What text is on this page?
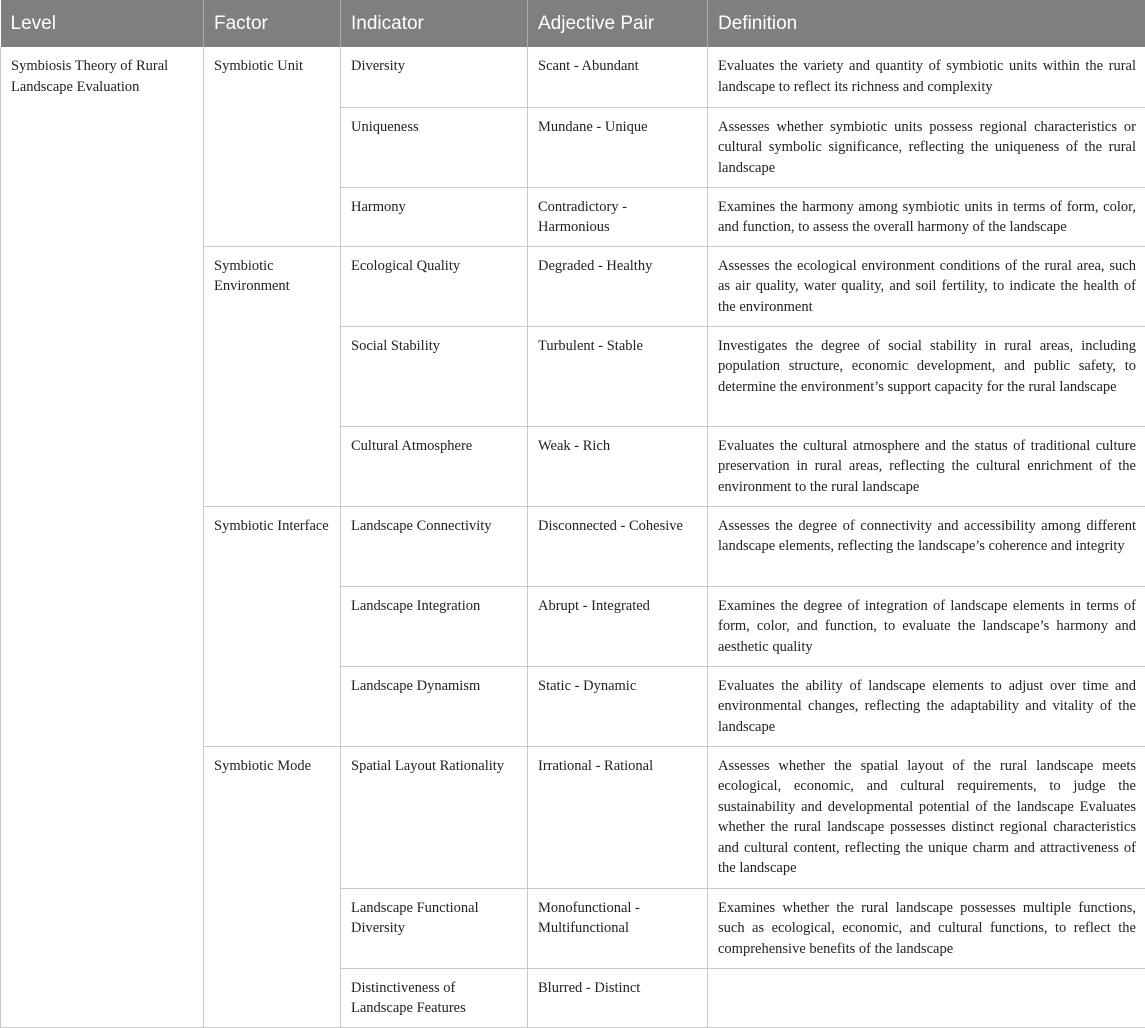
Level	Factor	Indicator	Adjective Pair	Definition
Symbiosis Theory of Rural Landscape Evaluation	Symbiotic Unit	Diversity	Scant - Abundant	Evaluates the variety and quantity of symbiotic units within the rural landscape to reflect its richness and complexity
		Uniqueness	Mundane - Unique	Assesses whether symbiotic units possess regional characteristics or cultural symbolic significance, reflecting the uniqueness of the rural landscape
		Harmony	Contradictory - Harmonious	Examines the harmony among symbiotic units in terms of form, color, and function, to assess the overall harmony of the landscape
	Symbiotic Environment	Ecological Quality	Degraded - Healthy	Assesses the ecological environment conditions of the rural area, such as air quality, water quality, and soil fertility, to indicate the health of the environment
		Social Stability	Turbulent - Stable	Investigates the degree of social stability in rural areas, including population structure, economic development, and public safety, to determine the environment’s support capacity for the rural landscape
		Cultural Atmosphere	Weak - Rich	Evaluates the cultural atmosphere and the status of traditional culture preservation in rural areas, reflecting the cultural enrichment of the environment to the rural landscape
	Symbiotic Interface	Landscape Connectivity	Disconnected - Cohesive	Assesses the degree of connectivity and accessibility among different landscape elements, reflecting the landscape’s coherence and integrity
		Landscape Integration	Abrupt - Integrated	Examines the degree of integration of landscape elements in terms of form, color, and function, to evaluate the landscape’s harmony and aesthetic quality
		Landscape Dynamism	Static - Dynamic	Evaluates the ability of landscape elements to adjust over time and environmental changes, reflecting the adaptability and vitality of the landscape
	Symbiotic Mode	Spatial Layout Rationality	Irrational - Rational	Assesses whether the spatial layout of the rural landscape meets ecological, economic, and cultural requirements, to judge the sustainability and developmental potential of the landscape Evaluates whether the rural landscape possesses distinct regional characteristics and cultural content, reflecting the unique charm and attractiveness of the landscape
		Landscape Functional Diversity	Monofunctional - Multifunctional	Examines whether the rural landscape possesses multiple functions, such as ecological, economic, and cultural functions, to reflect the comprehensive benefits of the landscape
		Distinctiveness of Landscape Features	Blurred - Distinct	
